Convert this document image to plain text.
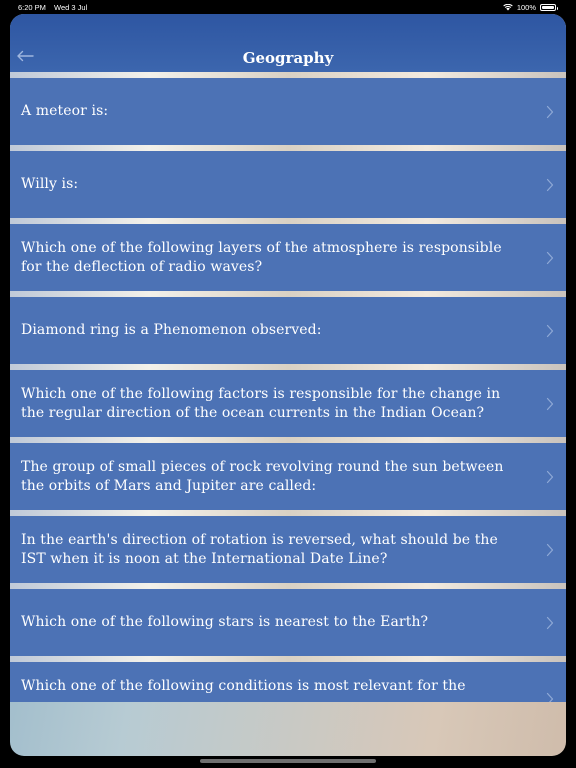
6:20 PM Wed 3 Jul	100%
Geography
A meteor is:
Willy is:
Which one of the following layers of the atmosphere is responsible for the deflection of radio waves?
Diamond ring is a Phenomenon observed:
Which one of the following factors is responsible for the change in the regular direction of the ocean currents in the Indian Ocean?
The group of small pieces of rock revolving round the sun between the orbits of Mars and Jupiter are called:
In the earth's direction of rotation is reversed, what should be the IST when it is noon at the International Date Line?
Which one of the following stars is nearest to the Earth?
Which one of the following conditions is most relevant for the
